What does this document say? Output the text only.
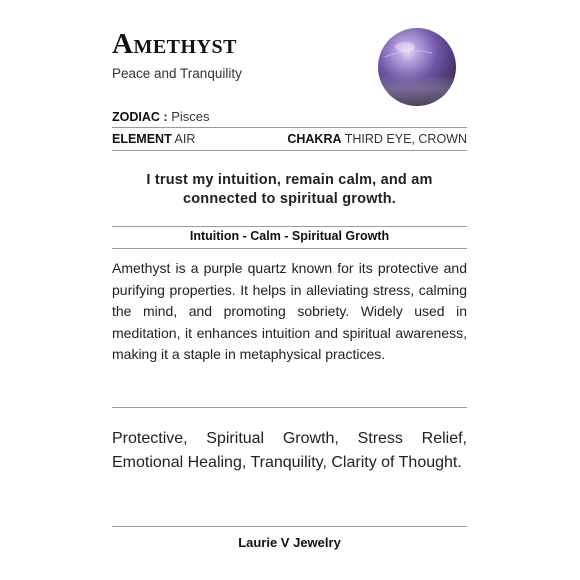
Amethyst
Peace and Tranquility
ZODIAC : Pisces
ELEMENT AIR	CHAKRA THIRD EYE, CROWN
I trust my intuition, remain calm, and am
connected to spiritual growth.
Intuition - Calm - Spiritual Growth

Amethyst is a purple quartz known for its protective and purifying properties. It helps in alleviating stress, calming the mind, and promoting sobriety. Widely used in meditation, it enhances intuition and spiritual awareness, making it a staple in metaphysical practices.

Protective, Spiritual Growth, Stress Relief, Emotional Healing, Tranquility, Clarity of Thought.

Laurie V Jewelry
